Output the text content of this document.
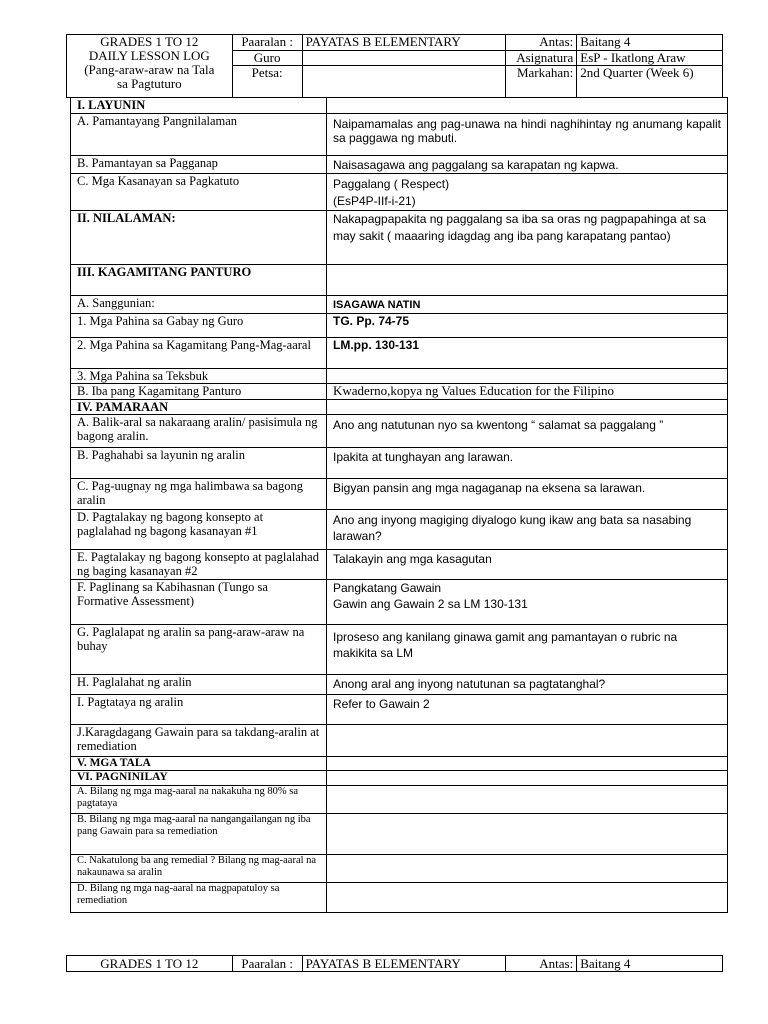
GRADES 1 TO 12
DAILY LESSON LOG
(Pang-araw-araw na Tala
sa Pagtuturo	Paaralan :	PAYATAS B ELEMENTARY	Antas:	Baitang 4
	Guro		Asignatura	EsP - Ikatlong Araw
	Petsa:		Markahan:	2nd Quarter (Week 6)
I. LAYUNIN	
A. Pamantayang Pangnilalaman	Naipamamalas ang pag-unawa na hindi naghihintay ng anumang kapalit sa paggawa ng mabuti.
B. Pamantayan sa Pagganap	Naisasagawa ang paggalang sa karapatan ng kapwa.
C. Mga Kasanayan sa Pagkatuto	Paggalang ( Respect)
(EsP4P-IIf-i-21)

II. NILALAMAN:	Nakapagpapakita ng paggalang sa iba sa oras ng pagpapahinga at sa may sakit ( maaaring idagdag ang iba pang karapatang pantao)
III. KAGAMITANG PANTURO	
A. Sanggunian:	ISAGAWA NATIN
1. Mga Pahina sa Gabay ng Guro	TG. Pp. 74-75
2. Mga Pahina sa Kagamitang Pang-Mag-aaral	LM.pp. 130-131
3. Mga Pahina sa Teksbuk	
B. Iba pang Kagamitang Panturo	Kwaderno,kopya ng Values Education for the Filipino
IV. PAMARAAN	
A. Balik-aral sa nakaraang aralin/ pasisimula ng bagong aralin.	Ano ang natutunan nyo sa kwentong “ salamat sa paggalang ”
B. Paghahabi sa layunin ng aralin	Ipakita at tunghayan ang larawan.
C. Pag-uugnay ng mga halimbawa sa bagong aralin	Bigyan pansin ang mga nagaganap na eksena sa larawan.
D. Pagtalakay ng bagong konsepto at paglalahad ng bagong kasanayan #1	Ano ang inyong magiging diyalogo kung ikaw ang bata sa nasabing larawan?
E. Pagtalakay ng bagong konsepto at paglalahad ng baging kasanayan #2	Talakayin ang mga kasagutan
F. Paglinang sa Kabihasnan (Tungo sa Formative Assessment)	Pangkatang Gawain
Gawin ang Gawain 2 sa LM 130-131

G. Paglalapat ng aralin sa pang-araw-araw na buhay	Iproseso ang kanilang ginawa gamit ang pamantayan o rubric na makikita sa LM
H. Paglalahat ng aralin	Anong aral ang inyong natutunan sa pagtatanghal?
I. Pagtataya ng aralin	Refer to Gawain 2
J.Karagdagang Gawain para sa takdang-aralin at remediation	
V. MGA TALA	
VI. PAGNINILAY	
A. Bilang ng mga mag-aaral na nakakuha ng 80% sa pagtataya	
B. Bilang ng mga mag-aaral na nangangailangan ng iba pang Gawain para sa remediation	
C. Nakatulong ba ang remedial ? Bilang ng mag-aaral na nakaunawa sa aralin	
D. Bilang ng mga nag-aaral na magpapatuloy sa remediation	
GRADES 1 TO 12	Paaralan :	PAYATAS B ELEMENTARY	Antas:	Baitang 4
